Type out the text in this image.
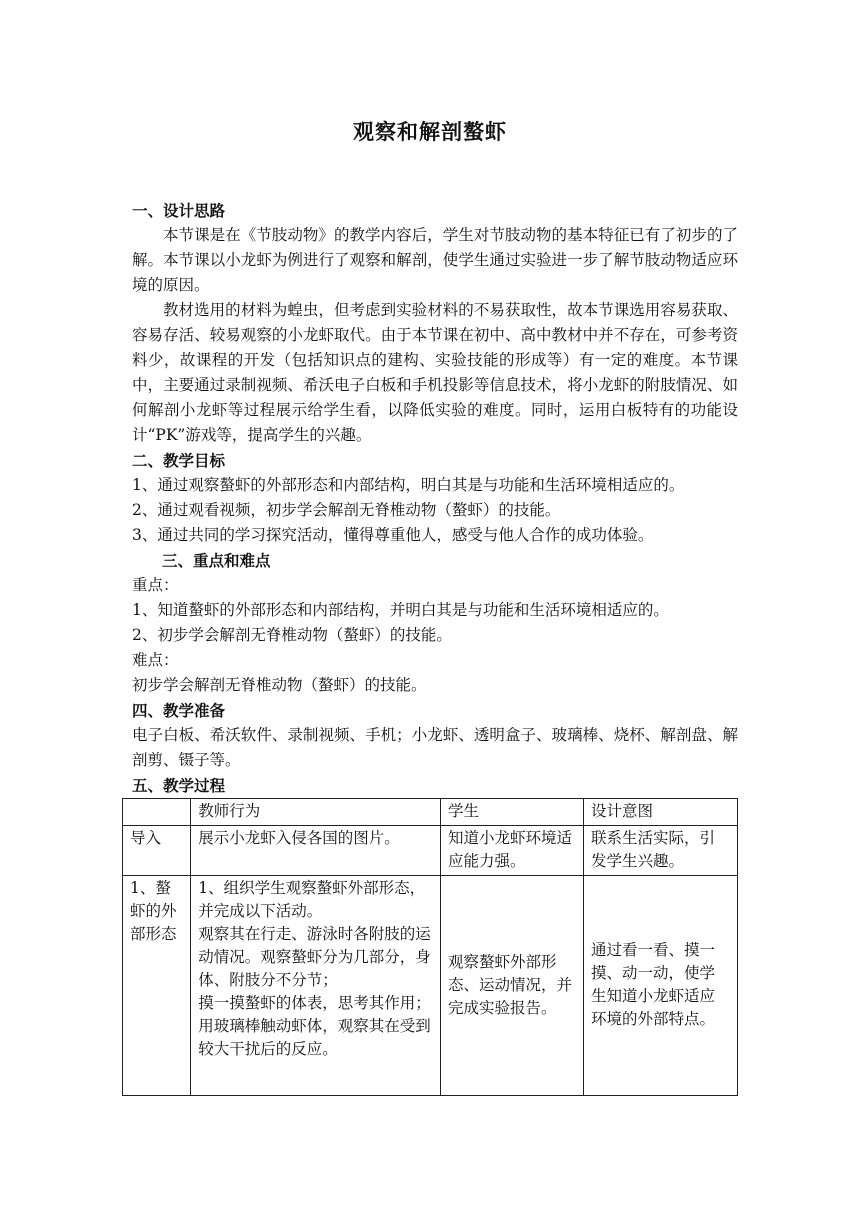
观察和解剖螯虾

一、设计思路

本节课是在《节肢动物》的教学内容后，学生对节肢动物的基本特征已有了初步的了解。本节课以小龙虾为例进行了观察和解剖，使学生通过实验进一步了解节肢动物适应环境的原因。

教材选用的材料为蝗虫，但考虑到实验材料的不易获取性，故本节课选用容易获取、容易存活、较易观察的小龙虾取代。由于本节课在初中、高中教材中并不存在，可参考资料少，故课程的开发（包括知识点的建构、实验技能的形成等）有一定的难度。本节课中，主要通过录制视频、希沃电子白板和手机投影等信息技术，将小龙虾的附肢情况、如何解剖小龙虾等过程展示给学生看，以降低实验的难度。同时，运用白板特有的功能设计“PK”游戏等，提高学生的兴趣。

二、教学目标

1、通过观察螯虾的外部形态和内部结构，明白其是与功能和生活环境相适应的。

2、通过观看视频，初步学会解剖无脊椎动物（螯虾）的技能。

3、通过共同的学习探究活动，懂得尊重他人，感受与他人合作的成功体验。

三、重点和难点

重点：

1、知道螯虾的外部形态和内部结构，并明白其是与功能和生活环境相适应的。

2、初步学会解剖无脊椎动物（螯虾）的技能。

难点：

初步学会解剖无脊椎动物（螯虾）的技能。

四、教学准备

电子白板、希沃软件、录制视频、手机；小龙虾、透明盒子、玻璃棒、烧杯、解剖盘、解剖剪、镊子等。

五、教学过程

	教师行为	学生	设计意图
导入	展示小龙虾入侵各国的图片。	知道小龙虾环境适应能力强。	联系生活实际，引发学生兴趣。
1、螯虾的外部形态	1、组织学生观察螯虾外部形态，并完成以下活动。
观察其在行走、游泳时各附肢的运动情况。观察螯虾分为几部分，身体、附肢分不分节；
摸一摸螯虾的体表，思考其作用；
用玻璃棒触动虾体，观察其在受到较大干扰后的反应。	观察螯虾外部形态、运动情况，并完成实验报告。	通过看一看、摸一摸、动一动，使学生知道小龙虾适应环境的外部特点。
